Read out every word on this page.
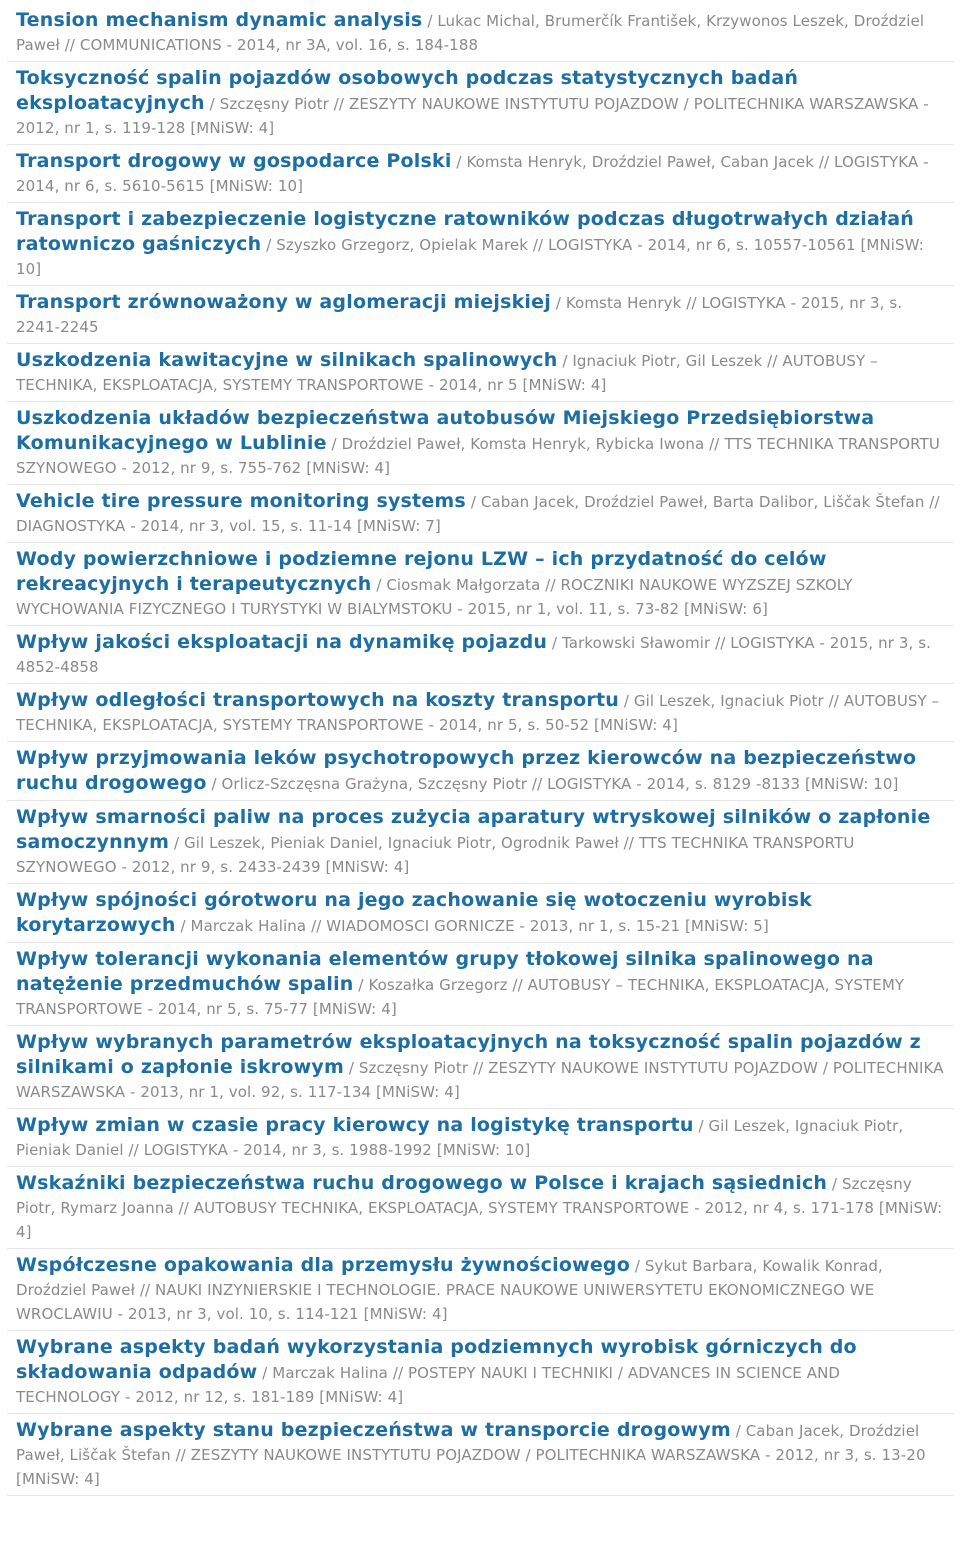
Tension mechanism dynamic analysis / Lukac Michal, Brumerčík František, Krzywonos Leszek, Droździel Paweł // COMMUNICATIONS - 2014, nr 3A, vol. 16, s. 184-188
Toksyczność spalin pojazdów osobowych podczas statystycznych badań eksploatacyjnych / Szczęsny Piotr // ZESZYTY NAUKOWE INSTYTUTU POJAZDOW / POLITECHNIKA WARSZAWSKA - 2012, nr 1, s. 119-128 [MNiSW: 4]
Transport drogowy w gospodarce Polski / Komsta Henryk, Droździel Paweł, Caban Jacek // LOGISTYKA - 2014, nr 6, s. 5610-5615 [MNiSW: 10]
Transport i zabezpieczenie logistyczne ratowników podczas długotrwałych działań ratowniczo gaśniczych / Szyszko Grzegorz, Opielak Marek // LOGISTYKA - 2014, nr 6, s. 10557-10561 [MNiSW: 10]
Transport zrównoważony w aglomeracji miejskiej / Komsta Henryk // LOGISTYKA - 2015, nr 3, s. 2241-2245
Uszkodzenia kawitacyjne w silnikach spalinowych / Ignaciuk Piotr, Gil Leszek // AUTOBUSY – TECHNIKA, EKSPLOATACJA, SYSTEMY TRANSPORTOWE - 2014, nr 5 [MNiSW: 4]
Uszkodzenia układów bezpieczeństwa autobusów Miejskiego Przedsiębiorstwa Komunikacyjnego w Lublinie / Droździel Paweł, Komsta Henryk, Rybicka Iwona // TTS TECHNIKA TRANSPORTU SZYNOWEGO - 2012, nr 9, s. 755-762 [MNiSW: 4]
Vehicle tire pressure monitoring systems / Caban Jacek, Droździel Paweł, Barta Dalibor, Liščak Štefan // DIAGNOSTYKA - 2014, nr 3, vol. 15, s. 11-14 [MNiSW: 7]
Wody powierzchniowe i podziemne rejonu LZW – ich przydatność do celów rekreacyjnych i terapeutycznych / Ciosmak Małgorzata // ROCZNIKI NAUKOWE WYZSZEJ SZKOLY WYCHOWANIA FIZYCZNEGO I TURYSTYKI W BIALYMSTOKU - 2015, nr 1, vol. 11, s. 73-82 [MNiSW: 6]
Wpływ jakości eksploatacji na dynamikę pojazdu / Tarkowski Sławomir // LOGISTYKA - 2015, nr 3, s. 4852-4858
Wpływ odległości transportowych na koszty transportu / Gil Leszek, Ignaciuk Piotr // AUTOBUSY – TECHNIKA, EKSPLOATACJA, SYSTEMY TRANSPORTOWE - 2014, nr 5, s. 50-52 [MNiSW: 4]
Wpływ przyjmowania leków psychotropowych przez kierowców na bezpieczeństwo ruchu drogowego / Orlicz-Szczęsna Grażyna, Szczęsny Piotr // LOGISTYKA - 2014, s. 8129 -8133 [MNiSW: 10]
Wpływ smarności paliw na proces zużycia aparatury wtryskowej silników o zapłonie samoczynnym / Gil Leszek, Pieniak Daniel, Ignaciuk Piotr, Ogrodnik Paweł // TTS TECHNIKA TRANSPORTU SZYNOWEGO - 2012, nr 9, s. 2433-2439 [MNiSW: 4]
Wpływ spójności górotworu na jego zachowanie się wotoczeniu wyrobisk korytarzowych / Marczak Halina // WIADOMOSCI GORNICZE - 2013, nr 1, s. 15-21 [MNiSW: 5]
Wpływ tolerancji wykonania elementów grupy tłokowej silnika spalinowego na natężenie przedmuchów spalin / Koszałka Grzegorz // AUTOBUSY – TECHNIKA, EKSPLOATACJA, SYSTEMY TRANSPORTOWE - 2014, nr 5, s. 75-77 [MNiSW: 4]
Wpływ wybranych parametrów eksploatacyjnych na toksyczność spalin pojazdów z silnikami o zapłonie iskrowym / Szczęsny Piotr // ZESZYTY NAUKOWE INSTYTUTU POJAZDOW / POLITECHNIKA WARSZAWSKA - 2013, nr 1, vol. 92, s. 117-134 [MNiSW: 4]
Wpływ zmian w czasie pracy kierowcy na logistykę transportu / Gil Leszek, Ignaciuk Piotr, Pieniak Daniel // LOGISTYKA - 2014, nr 3, s. 1988-1992 [MNiSW: 10]
Wskaźniki bezpieczeństwa ruchu drogowego w Polsce i krajach sąsiednich / Szczęsny Piotr, Rymarz Joanna // AUTOBUSY TECHNIKA, EKSPLOATACJA, SYSTEMY TRANSPORTOWE - 2012, nr 4, s. 171-178 [MNiSW: 4]
Współczesne opakowania dla przemysłu żywnościowego / Sykut Barbara, Kowalik Konrad, Droździel Paweł // NAUKI INZYNIERSKIE I TECHNOLOGIE. PRACE NAUKOWE UNIWERSYTETU EKONOMICZNEGO WE WROCLAWIU - 2013, nr 3, vol. 10, s. 114-121 [MNiSW: 4]
Wybrane aspekty badań wykorzystania podziemnych wyrobisk górniczych do składowania odpadów / Marczak Halina // POSTEPY NAUKI I TECHNIKI / ADVANCES IN SCIENCE AND TECHNOLOGY - 2012, nr 12, s. 181-189 [MNiSW: 4]
Wybrane aspekty stanu bezpieczeństwa w transporcie drogowym / Caban Jacek, Droździel Paweł, Liščak Štefan // ZESZYTY NAUKOWE INSTYTUTU POJAZDOW / POLITECHNIKA WARSZAWSKA - 2012, nr 3, s. 13-20 [MNiSW: 4]
